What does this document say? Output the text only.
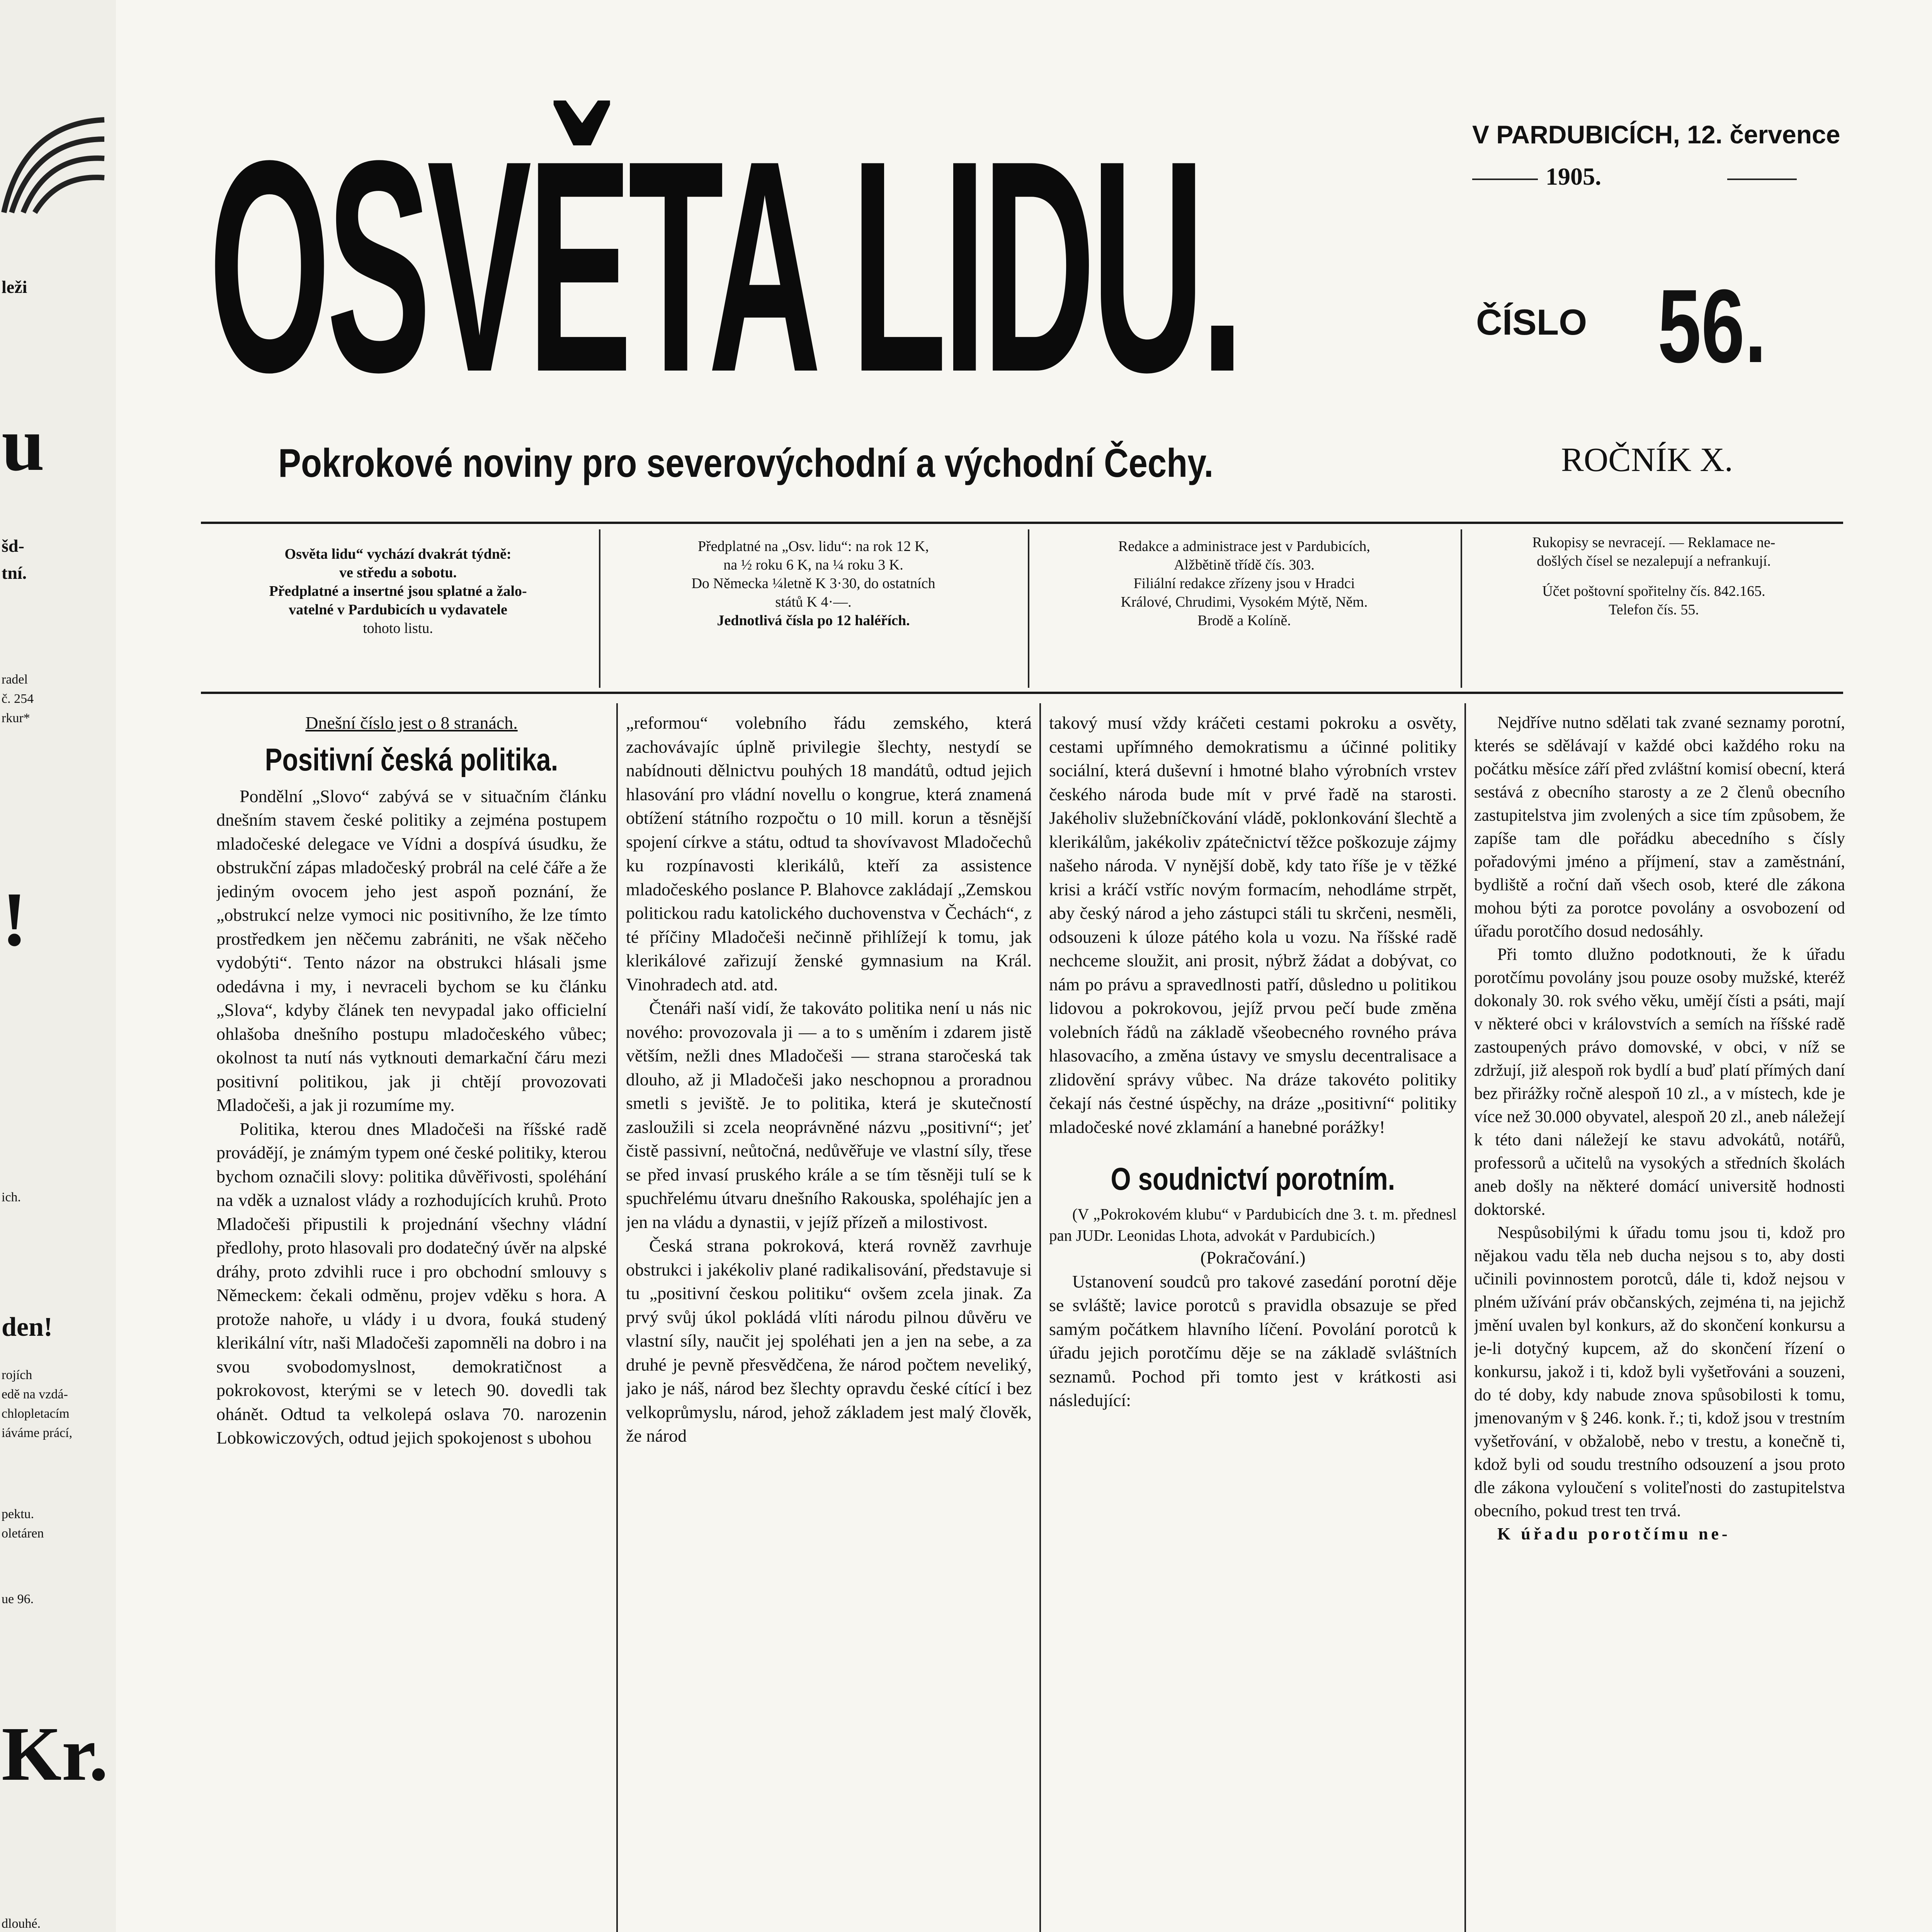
leži
u
šd-
tní.
radel
č. 254
rkur*
!
ich.
den!
rojích
edě na vzdá-
chlopletacím
iáváme prácí,
pektu.
oletáren
ue 96.
Kr.
dlouhé.
OSVĚTA LIDU.
Pokrokové noviny pro severovýchodní a východní Čechy.
V PARDUBICÍCH, 12. července
1905.
ČÍSLO 56.
ROČNÍK X.
Osvěta lidu“ vychází dvakrát týdně:
ve středu a sobotu.
Předplatné a insertné jsou splatné a žalo-
vatelné v Pardubicích u vydavatele
tohoto listu.
Předplatné na „Osv. lidu“: na rok 12 K,
na ½ roku 6 K, na ¼ roku 3 K.
Do Německa ¼letně K 3·30, do ostatních
států K 4·—.
Jednotlivá čísla po 12 haléřích.
Redakce a administrace jest v Pardubicích,
Alžbětině třídě čís. 303.
Filiální redakce zřízeny jsou v Hradci
Králové, Chrudimi, Vysokém Mýtě, Něm.
Brodě a Kolíně.
Rukopisy se nevracejí. — Reklamace ne-
došlých čísel se nezalepují a nefrankují.
Účet poštovní spořitelny čís. 842.165.
Telefon čís. 55.

Dnešní číslo jest o 8 stranách.

Positivní česká politika.

Pondělní „Slovo“ zabývá se v situačním článku dnešním stavem české politiky a zejména postupem mladočeské delegace ve Vídni a dospívá úsudku, že obstrukční zápas mladočeský probrál na celé čáře a že jediným ovocem jeho jest aspoň poznání, že „obstrukcí nelze vymoci nic positivního, že lze tímto prostředkem jen něčemu zabrániti, ne však něčeho vydobýti“. Tento názor na obstrukci hlásali jsme odedávna i my, i nevraceli bychom se ku článku „Slova“, kdyby článek ten nevypadal jako officielní ohlašoba dnešního postupu mladočeského vůbec; okolnost ta nutí nás vytknouti demarkační čáru mezi positivní politikou, jak ji chtějí provozovati Mladočeši, a jak ji rozumíme my.

Politika, kterou dnes Mladočeši na říšské radě provádějí, je známým typem oné české politiky, kterou bychom označili slovy: politika důvěřivosti, spoléhání na vděk a uznalost vlády a rozhodujících kruhů. Proto Mladočeši připustili k projednání všechny vládní předlohy, proto hlasovali pro dodatečný úvěr na alpské dráhy, proto zdvihli ruce i pro obchodní smlouvy s Německem: čekali odměnu, projev vděku s hora. A protože nahoře, u vlády i u dvora, fouká studený klerikální vítr, naši Mladočeši zapomněli na dobro i na svou svobodomyslnost, demokratičnost a pokrokovost, kterými se v letech 90. dovedli tak ohánět. Odtud ta velkolepá oslava 70. narozenin Lobkowiczových, odtud jejich spokojenost s ubohou

„reformou“ volebního řádu zemského, která zachovávajíc úplně privilegie šlechty, nestydí se nabídnouti dělnictvu pouhých 18 mandátů, odtud jejich hlasování pro vládní novellu o kongrue, která znamená obtížení státního rozpočtu o 10 mill. korun a těsnější spojení církve a státu, odtud ta shovívavost Mladočechů ku rozpínavosti klerikálů, kteří za assistence mladočeského poslance P. Blahovce zakládají „Zemskou politickou radu katolického duchovenstva v Čechách“, z té příčiny Mladočeši nečinně přihlížejí k tomu, jak klerikálové zařizují ženské gymnasium na Král. Vinohradech atd. atd.

Čtenáři naší vidí, že takováto politika není u nás nic nového: provozovala ji — a to s uměním i zdarem jistě větším, nežli dnes Mladočeši — strana staročeská tak dlouho, až ji Mladočeši jako neschopnou a proradnou smetli s jeviště. Je to politika, která je skutečností zasloužili si zcela neoprávněné názvu „positivní“; jeť čistě passivní, neůtočná, nedůvěřuje ve vlastní síly, třese se před invasí pruského krále a se tím těsněji tulí se k spuchřelému útvaru dnešního Rakouska, spoléhajíc jen a jen na vládu a dynastii, v jejíž přízeň a milostivost.

Česká strana pokroková, která rovněž zavrhuje obstrukci i jakékoliv plané radikalisování, představuje si tu „positivní českou politiku“ ovšem zcela jinak. Za prvý svůj úkol pokládá vlíti národu pilnou důvěru ve vlastní síly, naučit jej spoléhati jen a jen na sebe, a za druhé je pevně přesvědčena, že národ počtem neveliký, jako je náš, národ bez šlechty opravdu české cítící i bez velkoprůmyslu, národ, jehož základem jest malý člověk, že národ

takový musí vždy kráčeti cestami pokroku a osvěty, cestami upřímného demokratismu a účinné politiky sociální, která duševní i hmotné blaho výrobních vrstev českého národa bude mít v prvé řadě na starosti. Jakéholiv služebníčkování vládě, poklonkování šlechtě a klerikálům, jakékoliv zpátečnictví těžce poškozuje zájmy našeho národa. V nynější době, kdy tato říše je v těžké krisi a kráčí vstříc novým formacím, nehodláme strpět, aby český národ a jeho zástupci stáli tu skrčeni, nesměli, odsouzeni k úloze pátého kola u vozu. Na říšské radě nechceme sloužit, ani prosit, nýbrž žádat a dobývat, co nám po právu a spravedlnosti patří, důsledno u politikou lidovou a pokrokovou, jejíž prvou pečí bude změna volebních řádů na základě všeobecného rovného práva hlasovacího, a změna ústavy ve smyslu decentralisace a zlidovění správy vůbec. Na dráze takovéto politiky čekají nás čestné úspěchy, na dráze „positivní“ politiky mladočeské nové zklamání a hanebné porážky!

O soudnictví porotním.

(V „Pokrokovém klubu“ v Pardubicích dne 3. t. m. přednesl pan JUDr. Leonidas Lhota, advokát v Pardubicích.)

(Pokračování.)

Ustanovení soudců pro takové zasedání porotní děje se svláště; lavice porotců s pravidla obsazuje se před samým počátkem hlavního líčení. Povolání porotců k úřadu jejich porotčímu děje se na základě svláštních seznamů. Pochod při tomto jest v krátkosti asi následující:

Nejdříve nutno sdělati tak zvané seznamy porotní, kterés se sdělávají v každé obci každého roku na počátku měsíce září před zvláštní komisí obecní, která sestává z obecního starosty a ze 2 členů obecního zastupitelstva jim zvolených a sice tím způsobem, že zapíše tam dle pořádku abecedního s čísly pořadovými jméno a příjmení, stav a zaměstnání, bydliště a roční daň všech osob, které dle zákona mohou býti za porotce povolány a osvobození od úřadu porotčího dosud nedosáhly.

Při tomto dlužno podotknouti, že k úřadu porotčímu povolány jsou pouze osoby mužské, kteréž dokonaly 30. rok svého věku, umějí čísti a psáti, mají v některé obci v královstvích a semích na říšské radě zastoupených právo domovské, v obci, v níž se zdržují, již alespoň rok bydlí a buď platí přímých daní bez přirážky ročně alespoň 10 zl., a v místech, kde je více než 30.000 obyvatel, alespoň 20 zl., aneb náležejí k této dani náležejí ke stavu advokátů, notářů, professorů a učitelů na vysokých a středních školách aneb došly na některé domácí universitě hodnosti doktorské.

Nespůsobilými k úřadu tomu jsou ti, kdož pro nějakou vadu těla neb ducha nejsou s to, aby dosti učinili povinnostem porotců, dále ti, kdož nejsou v plném užívání práv občanských, zejména ti, na jejichž jmění uvalen byl konkurs, až do skončení konkursu a je-li dotyčný kupcem, až do skončení řízení o konkursu, jakož i ti, kdož byli vyšetřováni a souzeni, do té doby, kdy nabude znova spůsobilosti k tomu, jmenovaným v § 246. konk. ř.; ti, kdož jsou v trestním vyšetřování, v obžalobě, nebo v trestu, a konečně ti, kdož byli od soudu trestního odsouzení a jsou proto dle zákona vyloučení s voliteľnosti do zastupitelstva obecního, pokud trest ten trvá.

K úřadu porotčímu ne-
